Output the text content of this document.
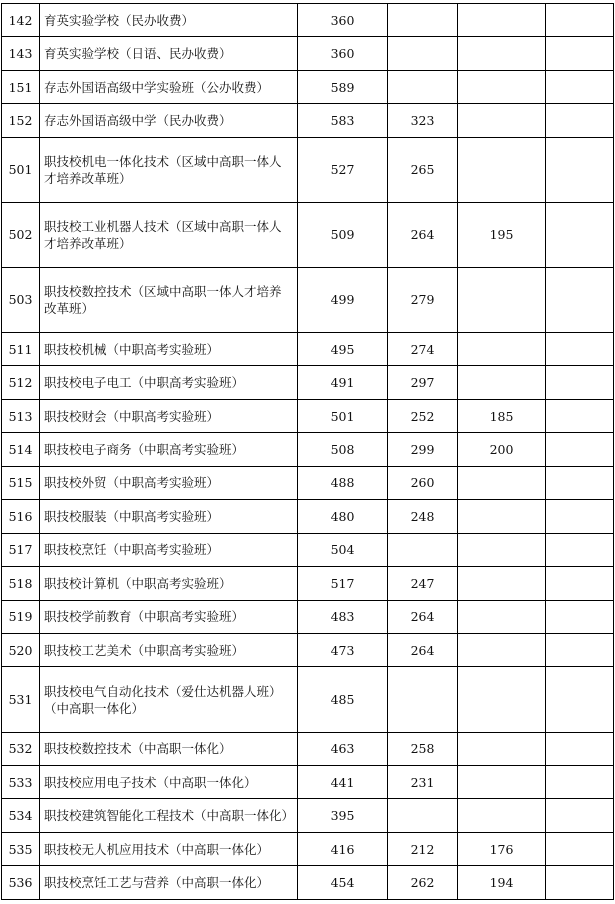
142	育英实验学校（民办收费）	360			
143	育英实验学校（日语、民办收费）	360			
151	存志外国语高级中学实验班（公办收费）	589			
152	存志外国语高级中学（民办收费）	583	323		
501	职技校机电一体化技术（区域中高职一体人才培养改革班）	527	265		
502	职技校工业机器人技术（区域中高职一体人才培养改革班）	509	264	195	
503	职技校数控技术（区域中高职一体人才培养改革班）	499	279		
511	职技校机械（中职高考实验班）	495	274		
512	职技校电子电工（中职高考实验班）	491	297		
513	职技校财会（中职高考实验班）	501	252	185	
514	职技校电子商务（中职高考实验班）	508	299	200	
515	职技校外贸（中职高考实验班）	488	260		
516	职技校服装（中职高考实验班）	480	248		
517	职技校烹饪（中职高考实验班）	504			
518	职技校计算机（中职高考实验班）	517	247		
519	职技校学前教育（中职高考实验班）	483	264		
520	职技校工艺美术（中职高考实验班）	473	264		
531	职技校电气自动化技术（爱仕达机器人班）（中高职一体化）	485			
532	职技校数控技术（中高职一体化）	463	258		
533	职技校应用电子技术（中高职一体化）	441	231		
534	职技校建筑智能化工程技术（中高职一体化）	395			
535	职技校无人机应用技术（中高职一体化）	416	212	176	
536	职技校烹饪工艺与营养（中高职一体化）	454	262	194	
